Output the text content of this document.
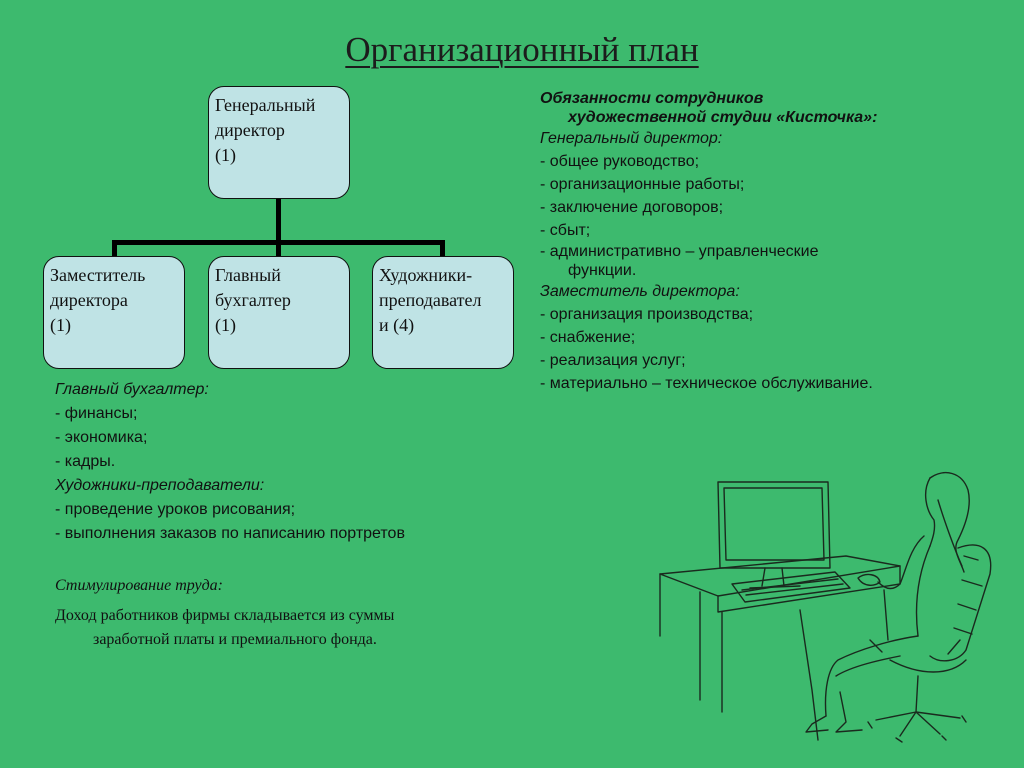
Организационный план
Генеральный
директор
(1)
Заместитель
директора
(1)
Главный
бухгалтер
(1)
Художники-
преподавател
и (4)
Обязанности сотрудников
художественной студии «Кисточка»:
Генеральный директор:
- общее руководство;
- организационные работы;
- заключение договоров;
- сбыт;
- административно – управленческие
функции.
Заместитель директора:
- организация производства;
- снабжение;
- реализация услуг;
- материально – техническое обслуживание.
Главный бухгалтер:
- финансы;
- экономика;
- кадры.
Художники-преподаватели:
- проведение уроков рисования;
- выполнения заказов по написанию портретов
Стимулирование труда:
Доход работников фирмы складывается из суммы
заработной платы и премиального фонда.
